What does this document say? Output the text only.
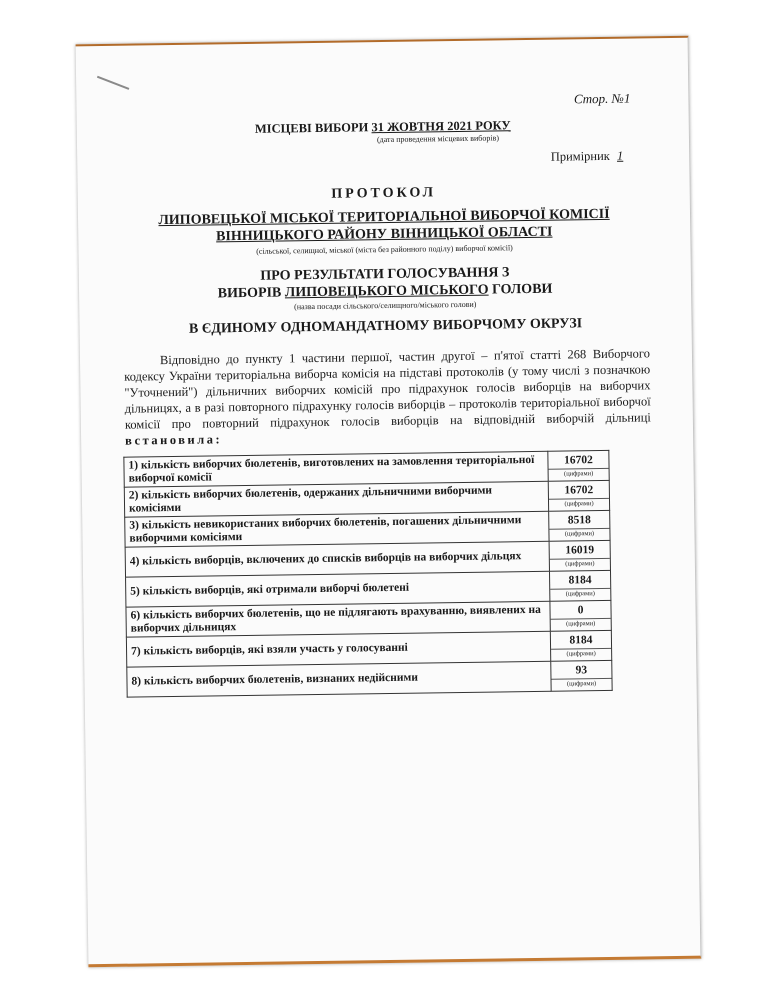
Стор. №1
МІСЦЕВІ ВИБОРИ 31 ЖОВТНЯ 2021 РОКУ
(дата проведення місцевих виборів)
Примірник 1
ПРОТОКОЛ
ЛИПОВЕЦЬКОЇ МІСЬКОЇ ТЕРИТОРІАЛЬНОЇ ВИБОРЧОЇ КОМІСІЇ
ВІННИЦЬКОГО РАЙОНУ ВІННИЦЬКОЇ ОБЛАСТІ
(сільської, селищної, міської (міста без районного поділу) виборчої комісії)
ПРО РЕЗУЛЬТАТИ ГОЛОСУВАННЯ З
ВИБОРІВ ЛИПОВЕЦЬКОГО МІСЬКОГО ГОЛОВИ
(назва посади сільського/селищного/міського голови)
В ЄДИНОМУ ОДНОМАНДАТНОМУ ВИБОРЧОМУ ОКРУЗІ
Відповідно до пункту 1 частини першої, частин другої – п'ятої статті 268 Виборчого кодексу України територіальна виборча комісія на підставі протоколів (у тому числі з позначкою "Уточнений") дільничних виборчих комісій про підрахунок голосів виборців на виборчих дільницях, а в разі повторного підрахунку голосів виборців – протоколів територіальної виборчої комісії про повторний підрахунок голосів виборців на відповідній виборчій дільниці встановила:
1) кількість виборчих бюлетенів, виготовлених на замовлення територіальної виборчої комісії	16702
(цифрами)

2) кількість виборчих бюлетенів, одержаних дільничними виборчими комісіями	16702
(цифрами)

3) кількість невикористаних виборчих бюлетенів, погашених дільничними виборчими комісіями	8518
(цифрами)

4) кількість виборців, включених до списків виборців на виборчих дільцях	16019
(цифрами)

5) кількість виборців, які отримали виборчі бюлетені	8184
(цифрами)

6) кількість виборчих бюлетенів, що не підлягають врахуванню, виявлених на виборчих дільницях	0
(цифрами)

7) кількість виборців, які взяли участь у голосуванні	8184
(цифрами)

8) кількість виборчих бюлетенів, визнаних недійсними	93
(цифрами)
